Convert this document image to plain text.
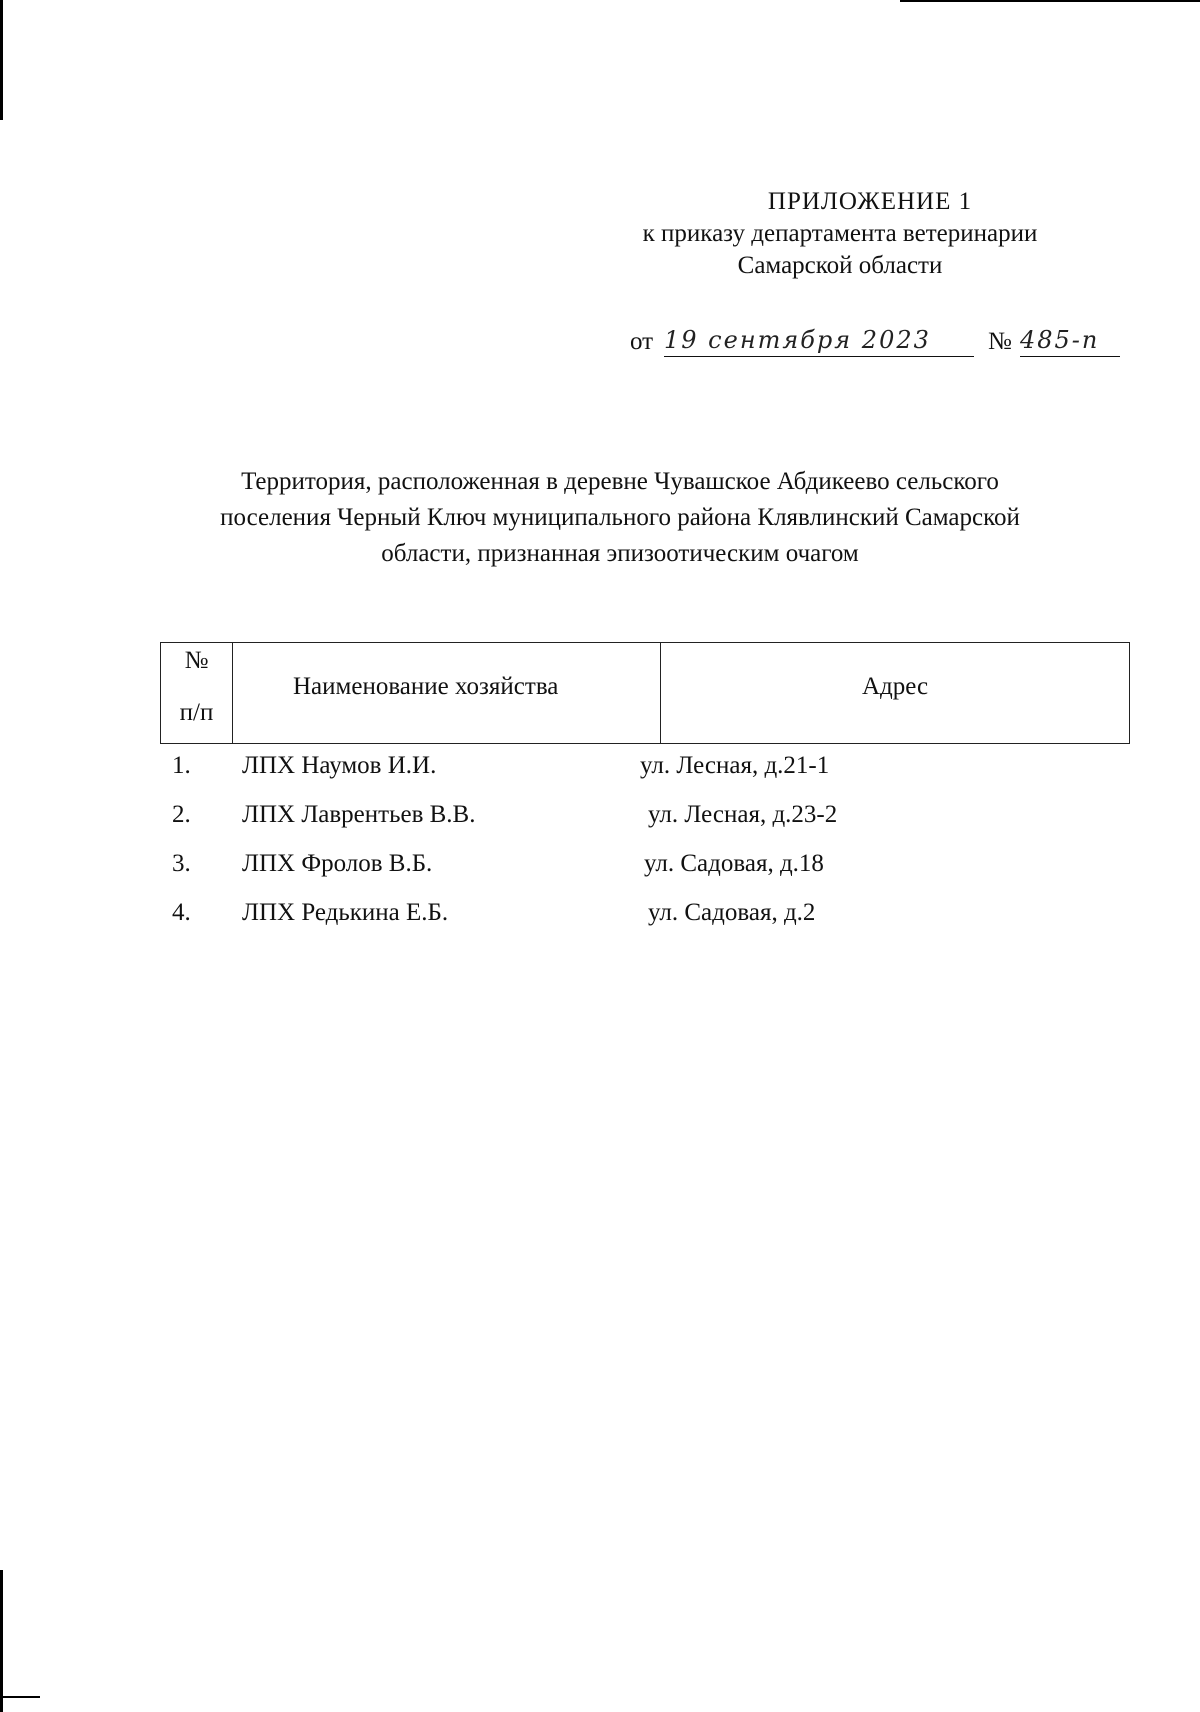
ПРИЛОЖЕНИЕ 1
к приказу департамента ветеринарии
Самарской области
от 19 сентября 2023	№ 485-п
Территория, расположенная в деревне Чувашское Абдикеево сельского
поселения Черный Ключ муниципального района Клявлинский Самарской
области, признанная эпизоотическим очагом
№
п/п
Наименование хозяйства	Адрес
1. ЛПХ Наумов И.И.	ул. Лесная, д.21-1
2. ЛПХ Лаврентьев В.В.	ул. Лесная, д.23-2
3. ЛПХ Фролов В.Б.	ул. Садовая, д.18
4. ЛПХ Редькина Е.Б.	ул. Садовая, д.2
